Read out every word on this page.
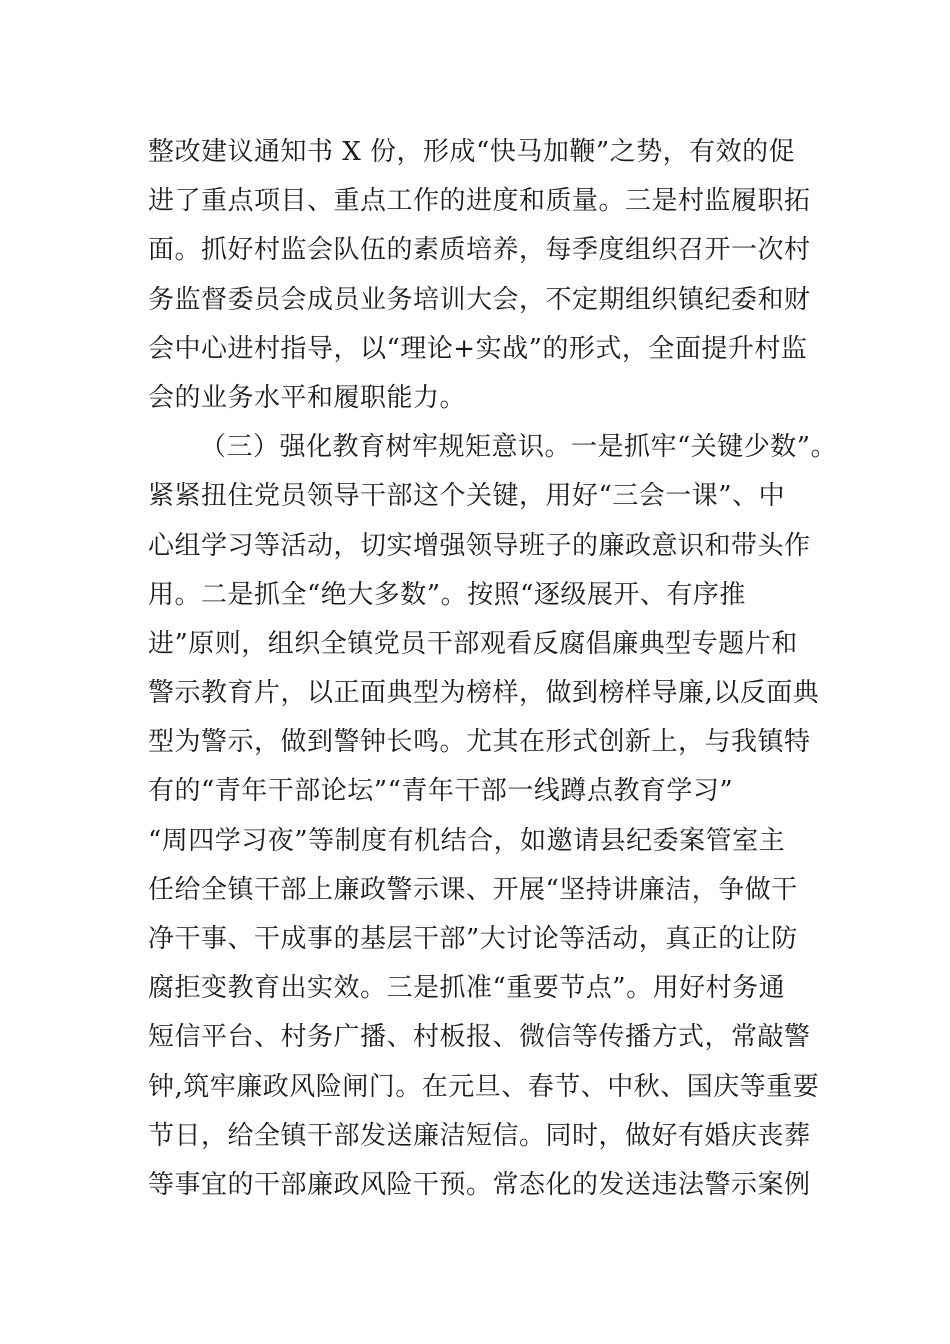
整改建议通知书 X 份，形成“快马加鞭”之势，有效的促
进了重点项目、重点工作的进度和质量。三是村监履职拓
面。抓好村监会队伍的素质培养，每季度组织召开一次村
务监督委员会成员业务培训大会，不定期组织镇纪委和财
会中心进村指导，以“理论+实战”的形式，全面提升村监
会的业务水平和履职能力。
（三）强化教育树牢规矩意识。一是抓牢“关键少数”。
紧紧扭住党员领导干部这个关键，用好“三会一课”、中
心组学习等活动，切实增强领导班子的廉政意识和带头作
用。二是抓全“绝大多数”。按照“逐级展开、有序推
进”原则，组织全镇党员干部观看反腐倡廉典型专题片和
警示教育片，以正面典型为榜样，做到榜样导廉,以反面典
型为警示，做到警钟长鸣。尤其在形式创新上，与我镇特
有的“青年干部论坛”“青年干部一线蹲点教育学习”
“周四学习夜”等制度有机结合，如邀请县纪委案管室主
任给全镇干部上廉政警示课、开展“坚持讲廉洁，争做干
净干事、干成事的基层干部”大讨论等活动，真正的让防
腐拒变教育出实效。三是抓准“重要节点”。用好村务通
短信平台、村务广播、村板报、微信等传播方式，常敲警
钟,筑牢廉政风险闸门。在元旦、春节、中秋、国庆等重要
节日，给全镇干部发送廉洁短信。同时，做好有婚庆丧葬
等事宜的干部廉政风险干预。常态化的发送违法警示案例
